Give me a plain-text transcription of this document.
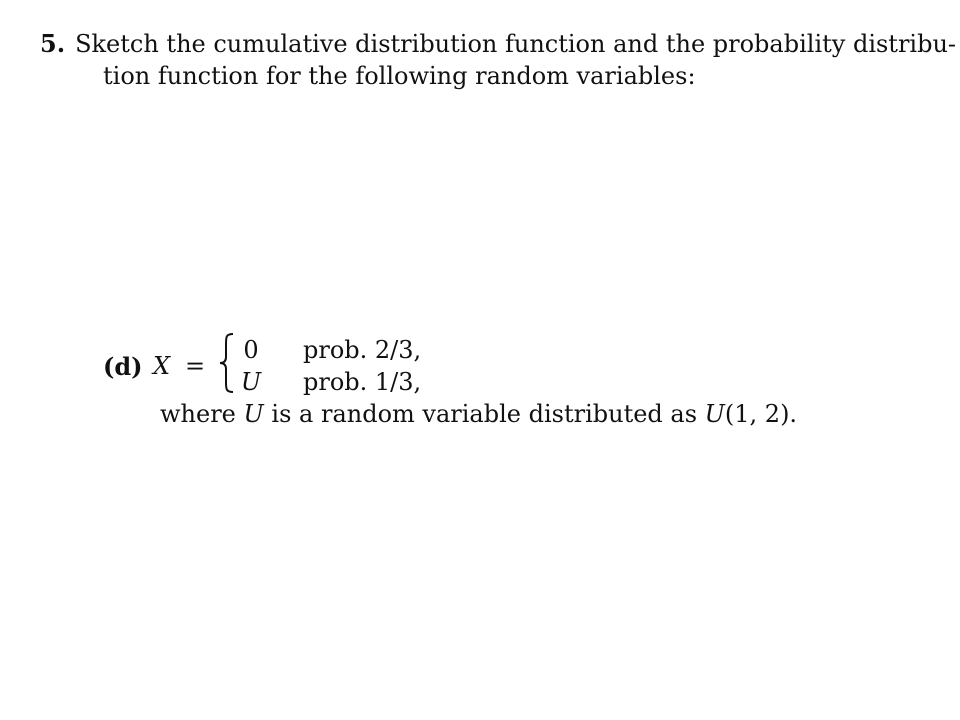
5. Sketch the cumulative distribution function and the probability distribu-
tion function for the following random variables:
(d) X =
0 prob. 2/3,
U prob. 1/3,
where U is a random variable distributed as U(1, 2).
